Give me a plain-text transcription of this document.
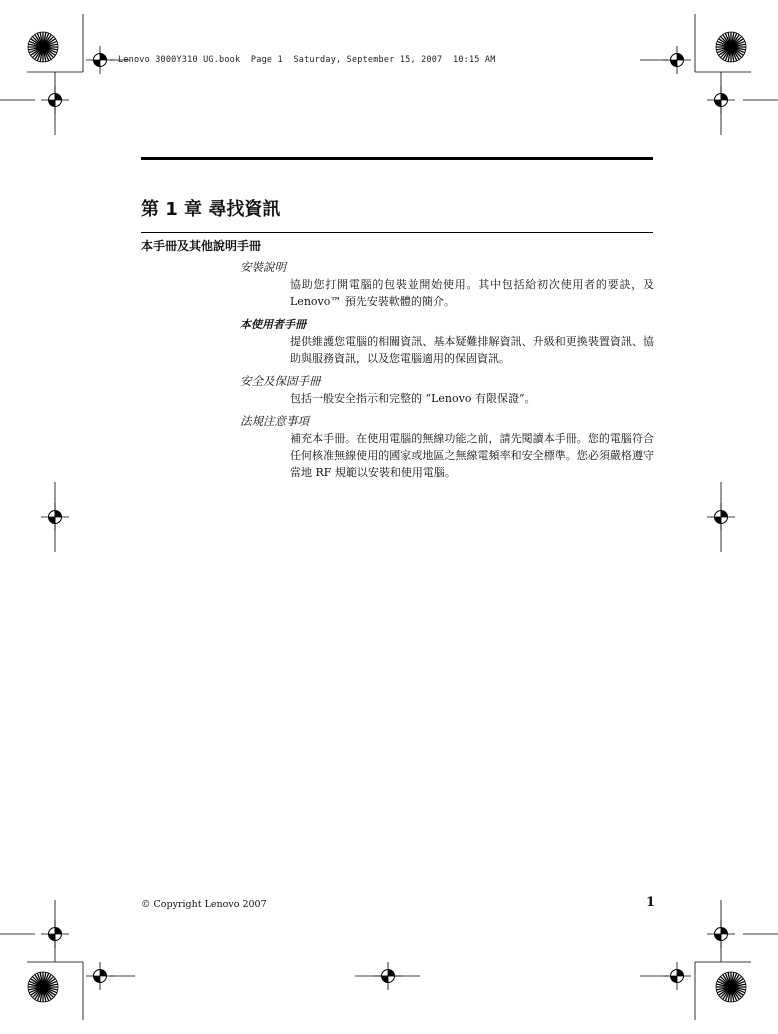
Lenovo 3000Y310 UG.book  Page 1  Saturday, September 15, 2007  10:15 AM
第 1 章 尋找資訊
本手冊及其他說明手冊
安裝說明
協助您打開電腦的包裝並開始使用。其中包括給初次使用者的要訣，及 Lenovo™ 預先安裝軟體的簡介。
本使用者手冊
提供維護您電腦的相關資訊、基本疑難排解資訊、升級和更換裝置資訊、協助與服務資訊，以及您電腦適用的保固資訊。
安全及保固手冊
包括一般安全指示和完整的 “Lenovo 有限保證”。
法規注意事項
補充本手冊。在使用電腦的無線功能之前，請先閱讀本手冊。您的電腦符合任何核准無線使用的國家或地區之無線電頻率和安全標準。您必須嚴格遵守當地 RF 規範以安裝和使用電腦。
© Copyright Lenovo 2007	1
